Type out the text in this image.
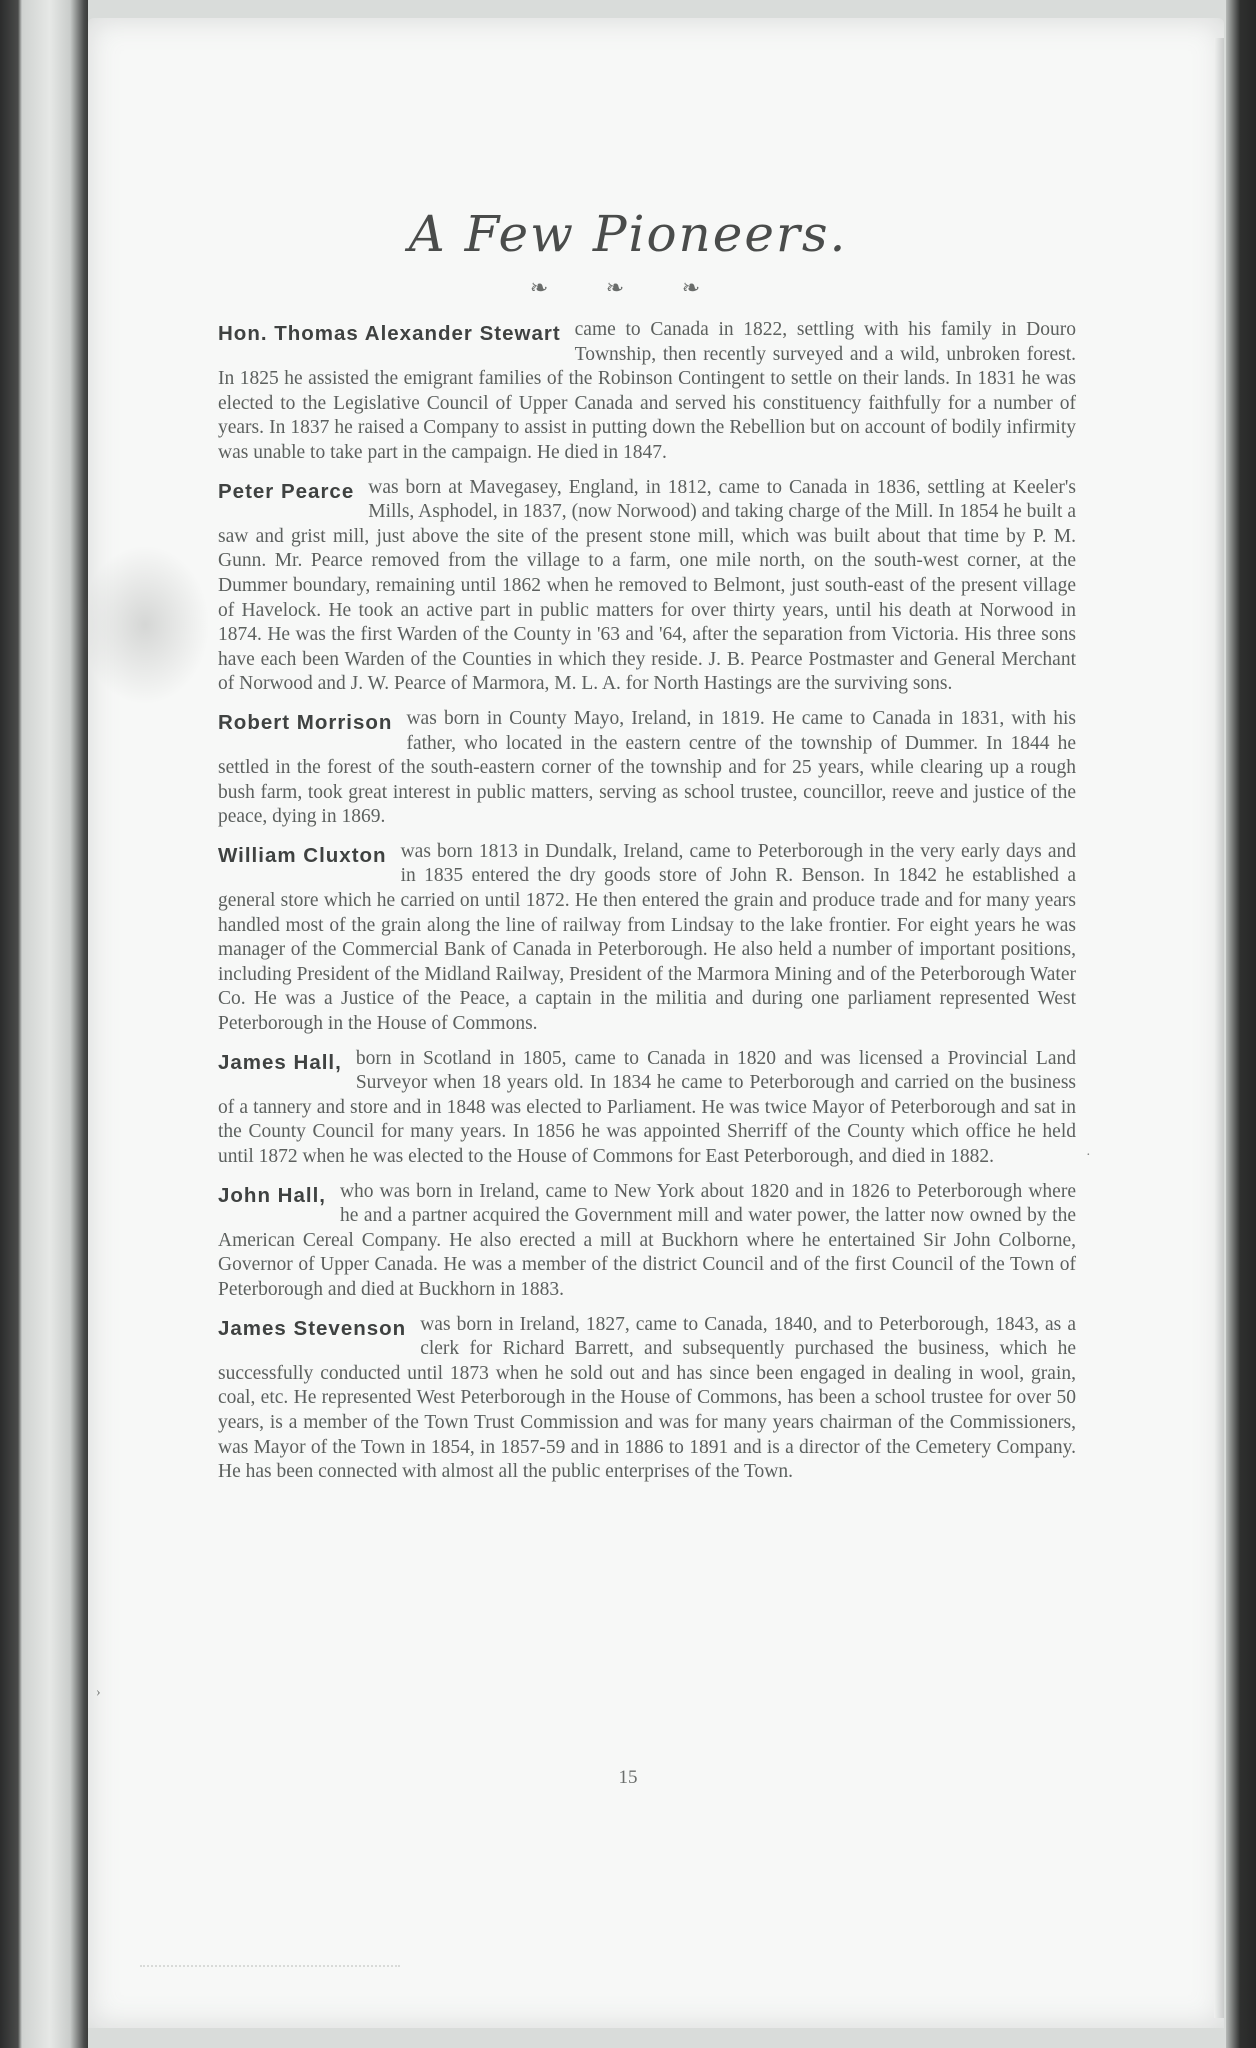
A Few Pioneers.
❧ ❧ ❧

Hon. Thomas Alexander Stewart came to Canada in 1822, settling with his family in Douro Township, then recently surveyed and a wild, unbroken forest. In 1825 he assisted the emigrant families of the Robinson Contingent to settle on their lands. In 1831 he was elected to the Legislative Council of Upper Canada and served his constituency faithfully for a number of years. In 1837 he raised a Company to assist in putting down the Rebellion but on account of bodily infirmity was unable to take part in the campaign. He died in 1847.

Peter Pearce was born at Mavegasey, England, in 1812, came to Canada in 1836, settling at Keeler's Mills, Asphodel, in 1837, (now Norwood) and taking charge of the Mill. In 1854 he built a saw and grist mill, just above the site of the present stone mill, which was built about that time by P. M. Gunn. Mr. Pearce removed from the village to a farm, one mile north, on the south-west corner, at the Dummer boundary, remaining until 1862 when he removed to Belmont, just south-east of the present village of Havelock. He took an active part in public matters for over thirty years, until his death at Norwood in 1874. He was the first Warden of the County in '63 and '64, after the separation from Victoria. His three sons have each been Warden of the Counties in which they reside. J. B. Pearce Postmaster and General Merchant of Norwood and J. W. Pearce of Marmora, M. L. A. for North Hastings are the surviving sons.

Robert Morrison was born in County Mayo, Ireland, in 1819. He came to Canada in 1831, with his father, who located in the eastern centre of the township of Dummer. In 1844 he settled in the forest of the south-eastern corner of the township and for 25 years, while clearing up a rough bush farm, took great interest in public matters, serving as school trustee, councillor, reeve and justice of the peace, dying in 1869.

William Cluxton was born 1813 in Dundalk, Ireland, came to Peterborough in the very early days and in 1835 entered the dry goods store of John R. Benson. In 1842 he established a general store which he carried on until 1872. He then entered the grain and produce trade and for many years handled most of the grain along the line of railway from Lindsay to the lake frontier. For eight years he was manager of the Commercial Bank of Canada in Peterborough. He also held a number of important positions, including President of the Midland Railway, President of the Marmora Mining and of the Peterborough Water Co. He was a Justice of the Peace, a captain in the militia and during one parliament represented West Peterborough in the House of Commons.

James Hall, born in Scotland in 1805, came to Canada in 1820 and was licensed a Provincial Land Surveyor when 18 years old. In 1834 he came to Peterborough and carried on the business of a tannery and store and in 1848 was elected to Parliament. He was twice Mayor of Peterborough and sat in the County Council for many years. In 1856 he was appointed Sherriff of the County which office he held until 1872 when he was elected to the House of Commons for East Peterborough, and died in 1882.

John Hall, who was born in Ireland, came to New York about 1820 and in 1826 to Peterborough where he and a partner acquired the Government mill and water power, the latter now owned by the American Cereal Company. He also erected a mill at Buckhorn where he entertained Sir John Colborne, Governor of Upper Canada. He was a member of the district Council and of the first Council of the Town of Peterborough and died at Buckhorn in 1883.

James Stevenson was born in Ireland, 1827, came to Canada, 1840, and to Peterborough, 1843, as a clerk for Richard Barrett, and subsequently purchased the business, which he successfully conducted until 1873 when he sold out and has since been engaged in dealing in wool, grain, coal, etc. He represented West Peterborough in the House of Commons, has been a school trustee for over 50 years, is a member of the Town Trust Commission and was for many years chairman of the Commissioners, was Mayor of the Town in 1854, in 1857-59 and in 1886 to 1891 and is a director of the Cemetery Company. He has been connected with almost all the public enterprises of the Town.

15
·
›
